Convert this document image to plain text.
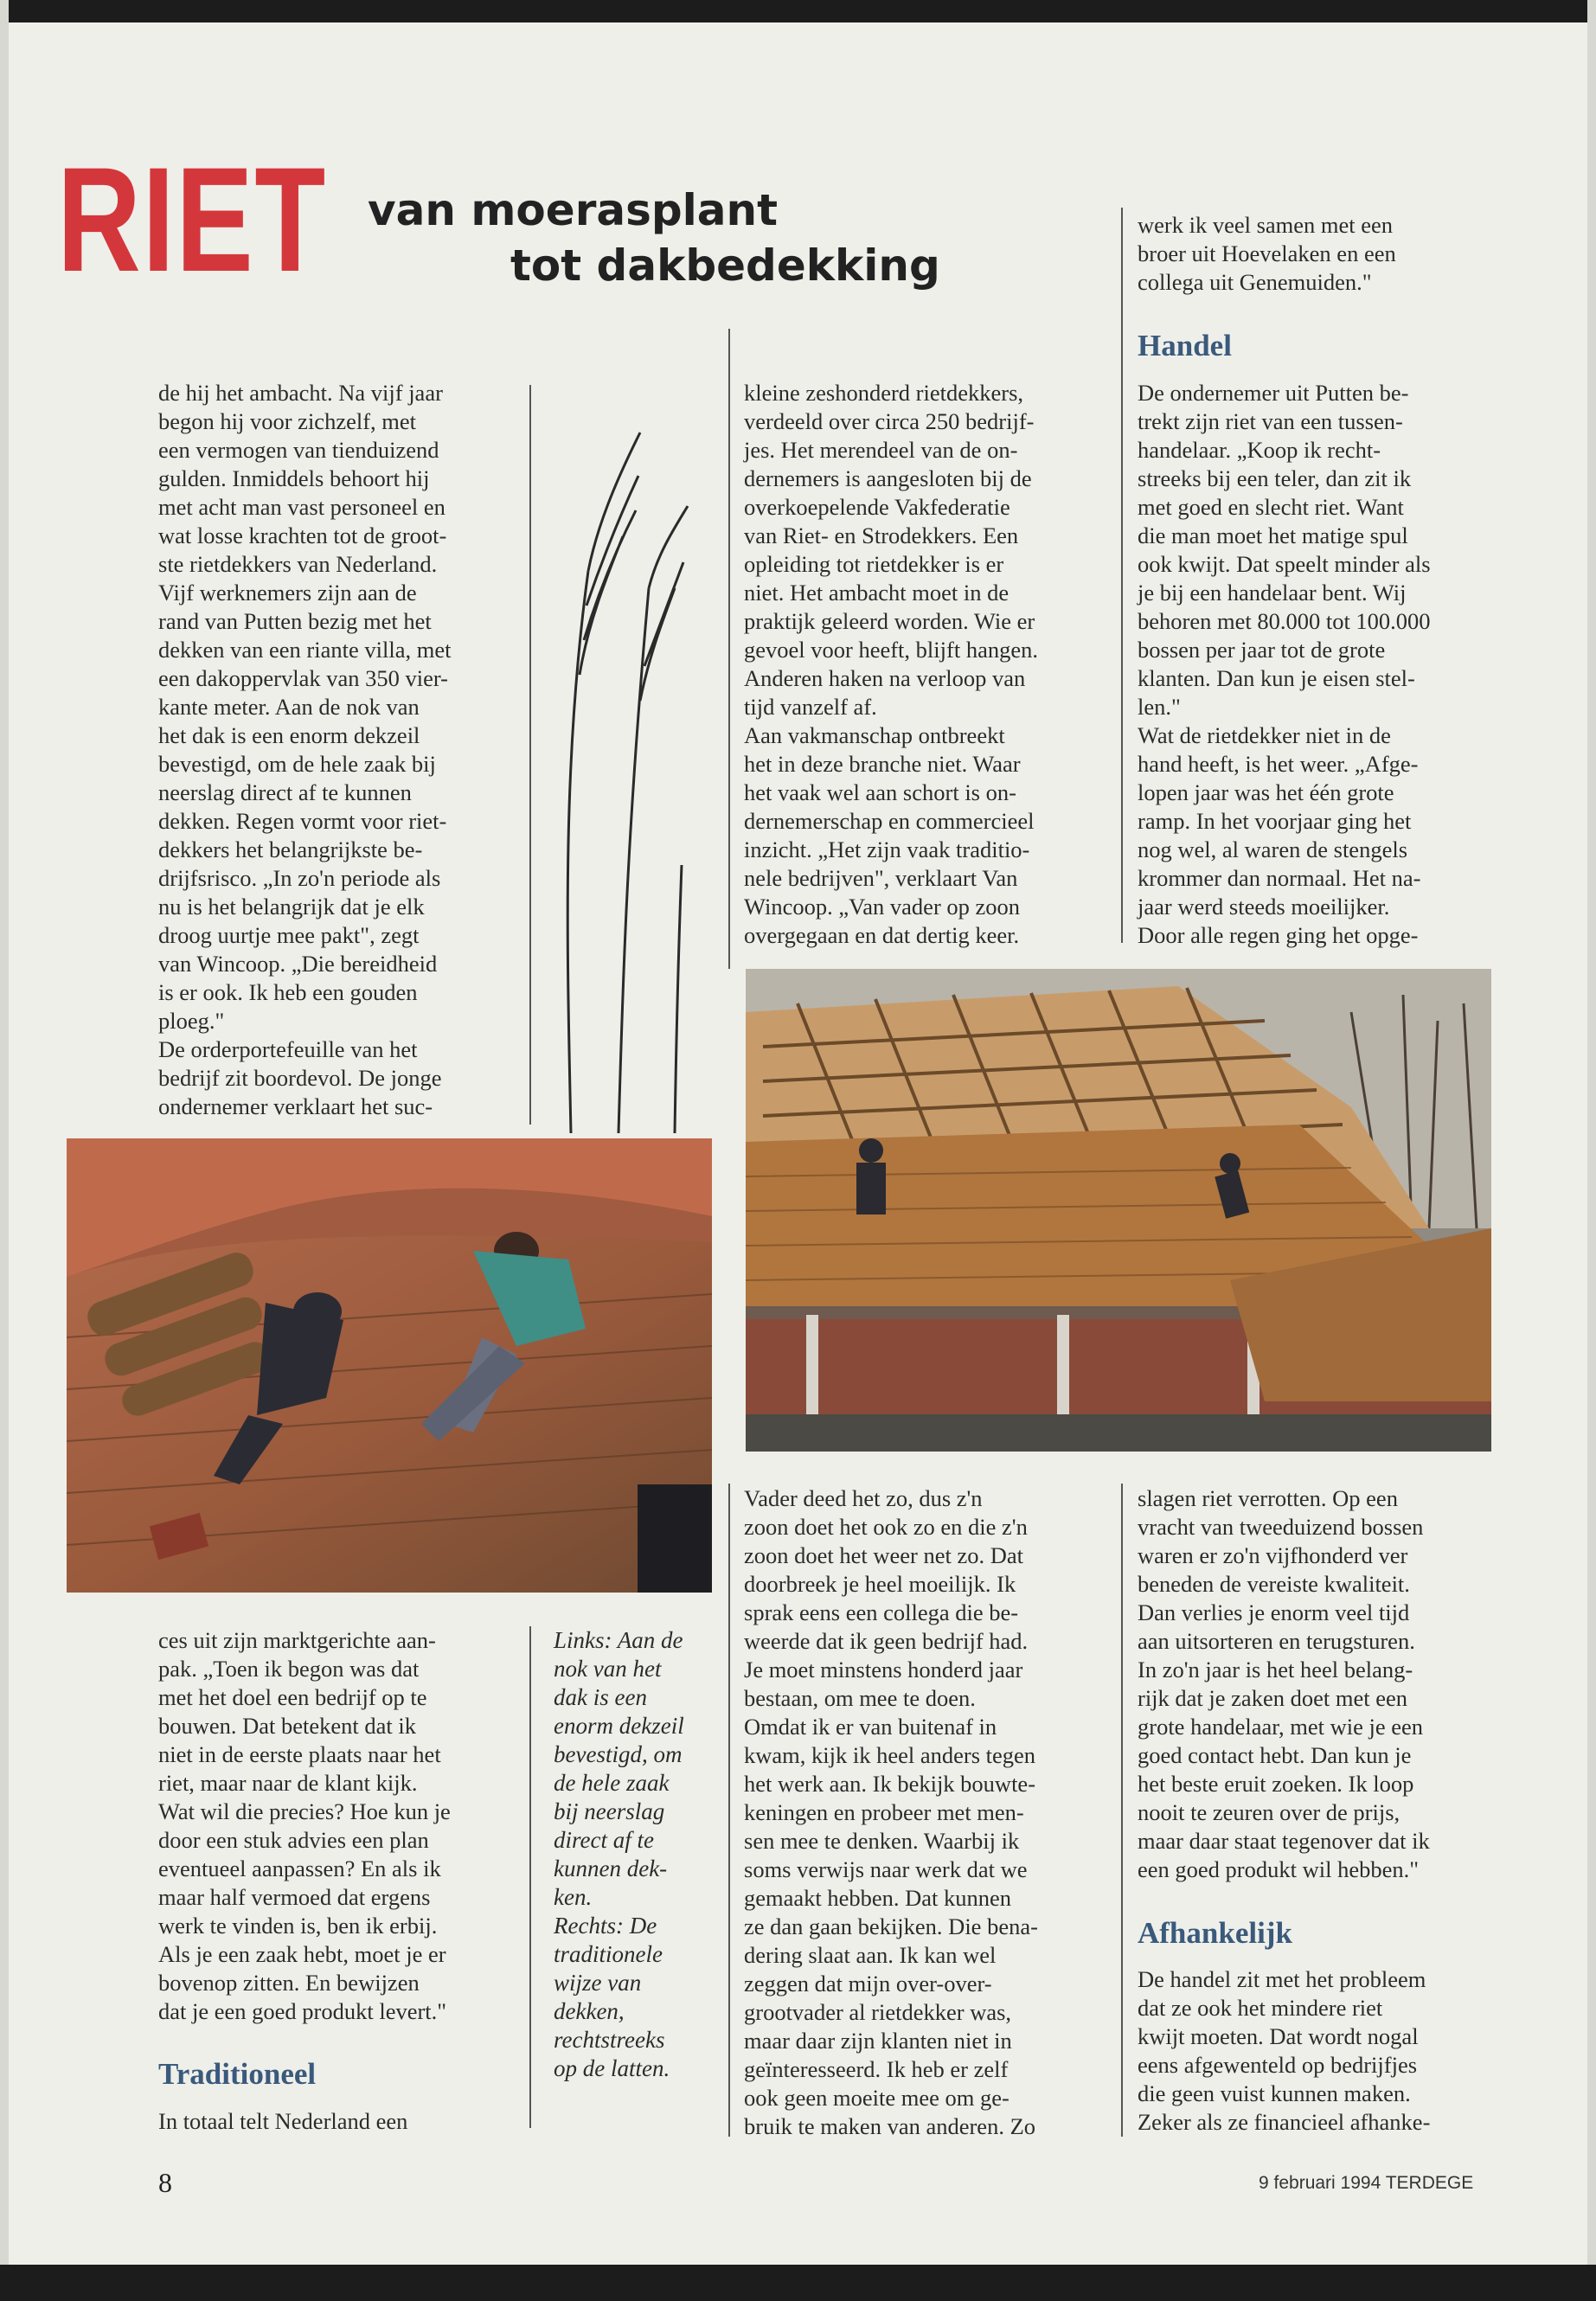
RIET van moerasplant
tot dakbedekking
de hij het ambacht. Na vijf jaar
begon hij voor zichzelf, met
een vermogen van tienduizend
gulden. Inmiddels behoort hij
met acht man vast personeel en
wat losse krachten tot de groot-
ste rietdekkers van Nederland.
Vijf werknemers zijn aan de
rand van Putten bezig met het
dekken van een riante villa, met
een dakoppervlak van 350 vier-
kante meter. Aan de nok van
het dak is een enorm dekzeil
bevestigd, om de hele zaak bij
neerslag direct af te kunnen
dekken. Regen vormt voor riet-
dekkers het belangrijkste be-
drijfsrisco. „In zo'n periode als
nu is het belangrijk dat je elk
droog uurtje mee pakt", zegt
van Wincoop. „Die bereidheid
is er ook. Ik heb een gouden
ploeg."
De orderportefeuille van het
bedrijf zit boordevol. De jonge
ondernemer verklaart het suc-
kleine zeshonderd rietdekkers,
verdeeld over circa 250 bedrijf-
jes. Het merendeel van de on-
dernemers is aangesloten bij de
overkoepelende Vakfederatie
van Riet- en Strodekkers. Een
opleiding tot rietdekker is er
niet. Het ambacht moet in de
praktijk geleerd worden. Wie er
gevoel voor heeft, blijft hangen.
Anderen haken na verloop van
tijd vanzelf af.
Aan vakmanschap ontbreekt
het in deze branche niet. Waar
het vaak wel aan schort is on-
dernemerschap en commercieel
inzicht. „Het zijn vaak traditio-
nele bedrijven", verklaart Van
Wincoop. „Van vader op zoon
overgegaan en dat dertig keer.
werk ik veel samen met een
broer uit Hoevelaken en een
collega uit Genemuiden."
Handel
De ondernemer uit Putten be-
trekt zijn riet van een tussen-
handelaar. „Koop ik recht-
streeks bij een teler, dan zit ik
met goed en slecht riet. Want
die man moet het matige spul
ook kwijt. Dat speelt minder als
je bij een handelaar bent. Wij
behoren met 80.000 tot 100.000
bossen per jaar tot de grote
klanten. Dan kun je eisen stel-
len."
Wat de rietdekker niet in de
hand heeft, is het weer. „Afge-
lopen jaar was het één grote
ramp. In het voorjaar ging het
nog wel, al waren de stengels
krommer dan normaal. Het na-
jaar werd steeds moeilijker.
Door alle regen ging het opge-
ces uit zijn marktgerichte aan-
pak. „Toen ik begon was dat
met het doel een bedrijf op te
bouwen. Dat betekent dat ik
niet in de eerste plaats naar het
riet, maar naar de klant kijk.
Wat wil die precies? Hoe kun je
door een stuk advies een plan
eventueel aanpassen? En als ik
maar half vermoed dat ergens
werk te vinden is, ben ik erbij.
Als je een zaak hebt, moet je er
bovenop zitten. En bewijzen
dat je een goed produkt levert."
Traditioneel
In totaal telt Nederland een
Links: Aan de
nok van het
dak is een
enorm dekzeil
bevestigd, om
de hele zaak
bij neerslag
direct af te
kunnen dek-
ken.
Rechts: De
traditionele
wijze van
dekken,
rechtstreeks
op de latten.
Vader deed het zo, dus z'n
zoon doet het ook zo en die z'n
zoon doet het weer net zo. Dat
doorbreek je heel moeilijk. Ik
sprak eens een collega die be-
weerde dat ik geen bedrijf had.
Je moet minstens honderd jaar
bestaan, om mee te doen.
Omdat ik er van buitenaf in
kwam, kijk ik heel anders tegen
het werk aan. Ik bekijk bouwte-
keningen en probeer met men-
sen mee te denken. Waarbij ik
soms verwijs naar werk dat we
gemaakt hebben. Dat kunnen
ze dan gaan bekijken. Die bena-
dering slaat aan. Ik kan wel
zeggen dat mijn over-over-
grootvader al rietdekker was,
maar daar zijn klanten niet in
geïnteresseerd. Ik heb er zelf
ook geen moeite mee om ge-
bruik te maken van anderen. Zo
slagen riet verrotten. Op een
vracht van tweeduizend bossen
waren er zo'n vijfhonderd ver
beneden de vereiste kwaliteit.
Dan verlies je enorm veel tijd
aan uitsorteren en terugsturen.
In zo'n jaar is het heel belang-
rijk dat je zaken doet met een
grote handelaar, met wie je een
goed contact hebt. Dan kun je
het beste eruit zoeken. Ik loop
nooit te zeuren over de prijs,
maar daar staat tegenover dat ik
een goed produkt wil hebben."
Afhankelijk
De handel zit met het probleem
dat ze ook het mindere riet
kwijt moeten. Dat wordt nogal
eens afgewenteld op bedrijfjes
die geen vuist kunnen maken.
Zeker als ze financieel afhanke-
8	9 februari 1994 TERDEGE
